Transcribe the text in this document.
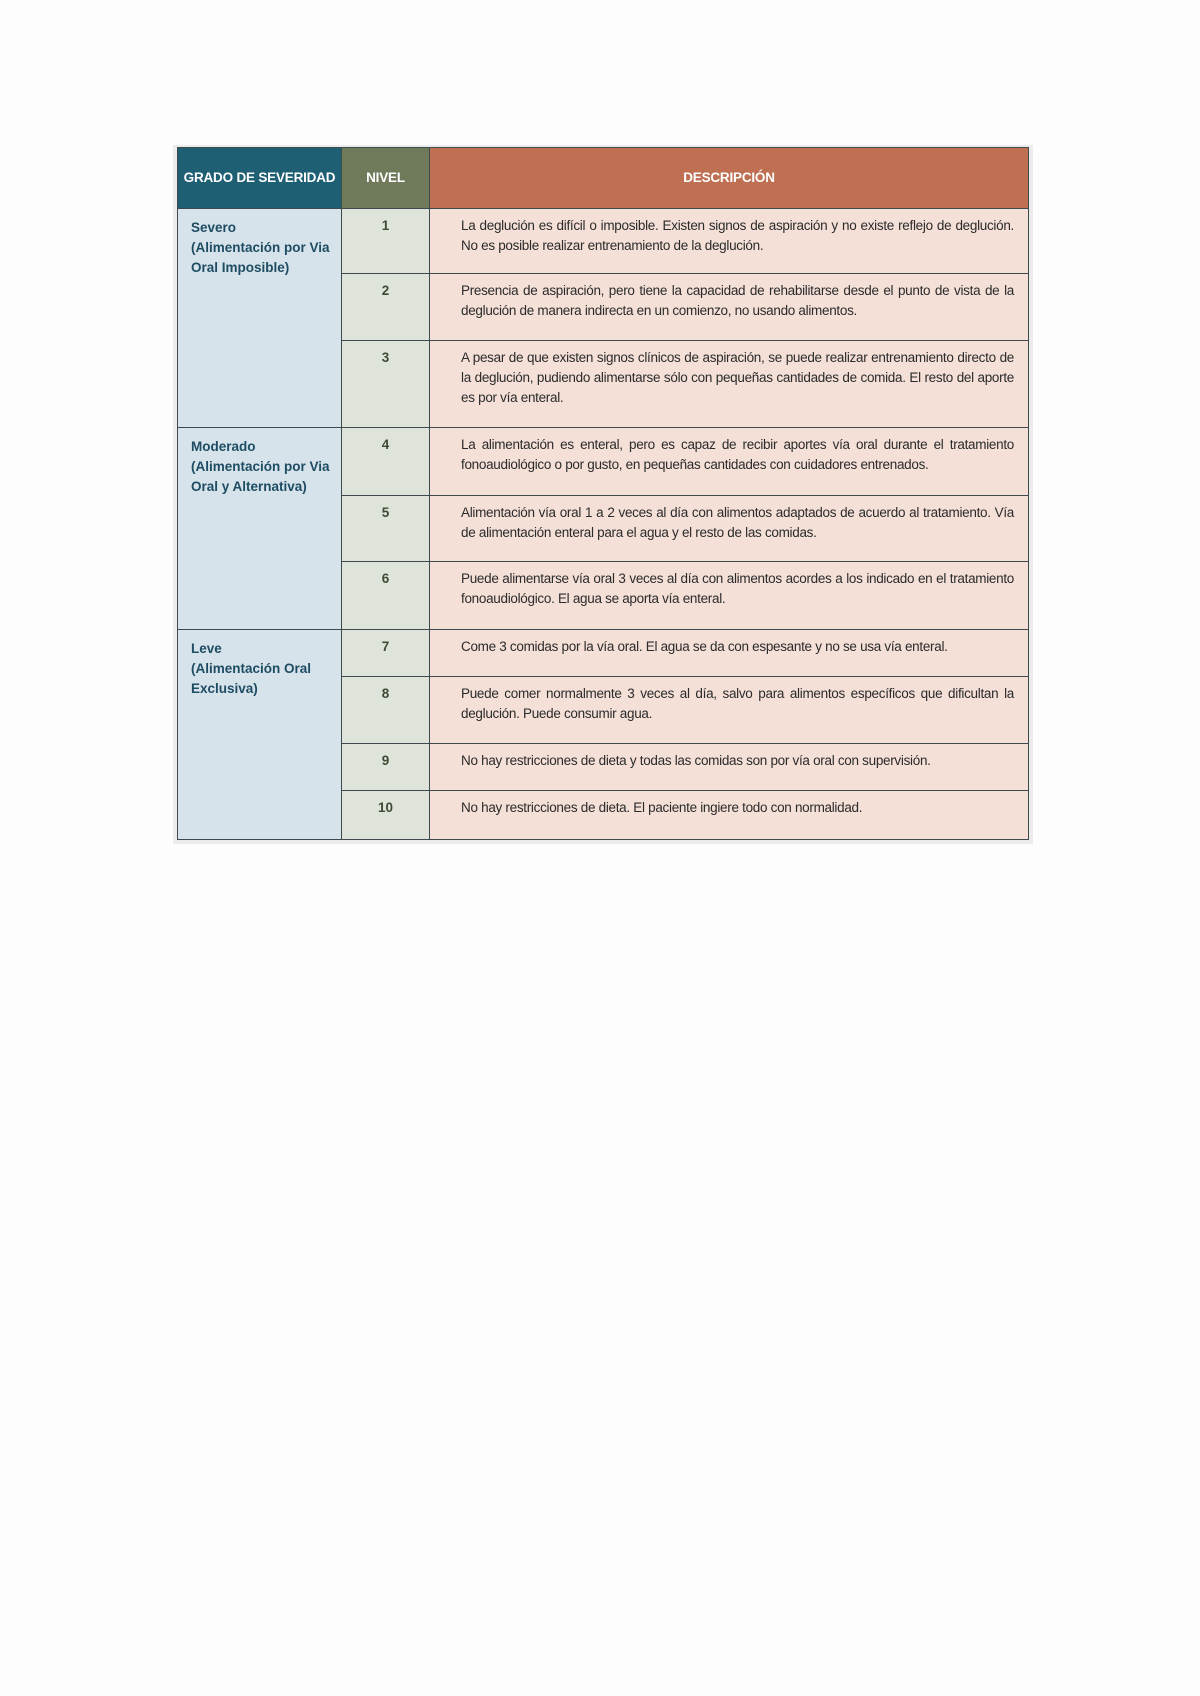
GRADO DE SEVERIDAD	NIVEL	DESCRIPCIÓN

Severo
(Alimentación por Via Oral Imposible)	1	La deglución es difícil o imposible. Existen signos de aspiración y no existe reflejo de deglución. No es posible realizar entrenamiento de la deglución.
	2	Presencia de aspiración, pero tiene la capacidad de rehabilitarse desde el punto de vista de la deglución de manera indirecta en un comienzo, no usando alimentos.
	3	A pesar de que existen signos clínicos de aspiración, se puede realizar entrenamiento directo de la deglución, pudiendo alimentarse sólo con pequeñas cantidades de comida. El resto del aporte es por vía enteral.

Moderado
(Alimentación por Via Oral y Alternativa)	4	La alimentación es enteral, pero es capaz de recibir aportes vía oral durante el tratamiento fonoaudiológico o por gusto, en pequeñas cantidades con cuidadores entrenados.
	5	Alimentación vía oral 1 a 2 veces al día con alimentos adaptados de acuerdo al tratamiento. Vía de alimentación enteral para el agua y el resto de las comidas.
	6	Puede alimentarse vía oral 3 veces al día con alimentos acordes a los indicado en el tratamiento fonoaudiológico. El agua se aporta vía enteral.

Leve
(Alimentación Oral Exclusiva)	7	Come 3 comidas por la vía oral. El agua se da con espesante y no se usa vía enteral.
	8	Puede comer normalmente 3 veces al día, salvo para alimentos específicos que dificultan la deglución. Puede consumir agua.
	9	No hay restricciones de dieta y todas las comidas son por vía oral con supervisión.
	10	No hay restricciones de dieta. El paciente ingiere todo con normalidad.
